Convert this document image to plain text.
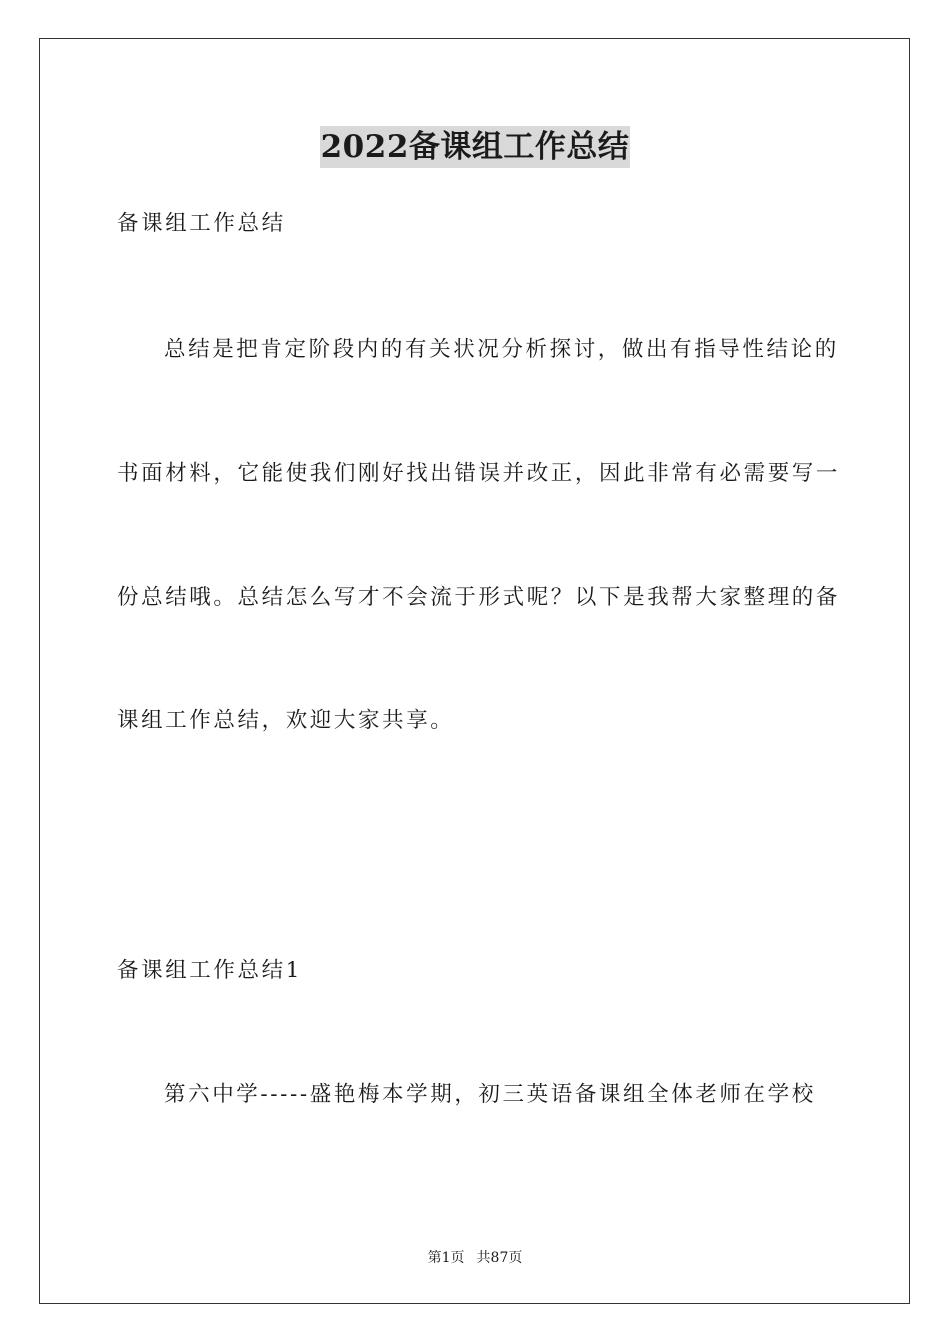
2022备课组工作总结

备课组工作总结

总结是把肯定阶段内的有关状况分析探讨，做出有指导性结论的

书面材料，它能使我们刚好找出错误并改正，因此非常有必需要写一

份总结哦。总结怎么写才不会流于形式呢？以下是我帮大家整理的备

课组工作总结，欢迎大家共享。

备课组工作总结1

第六中学-----盛艳梅本学期，初三英语备课组全体老师在学校

第1页 共87页
